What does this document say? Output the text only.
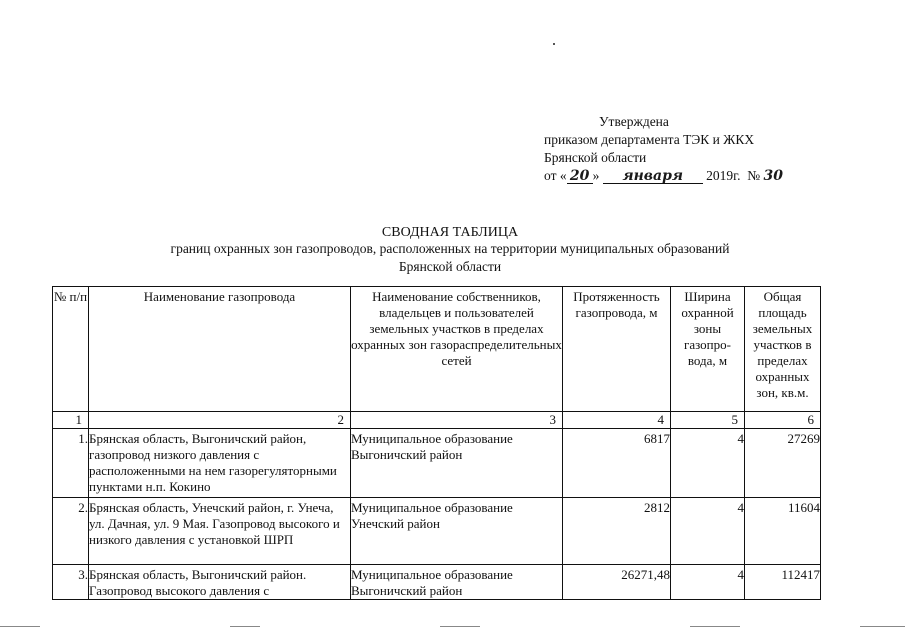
Утверждена
приказом департамента ТЭК и ЖКХ
Брянской области
от « 20 » января 2019г. № 30
СВОДНАЯ ТАБЛИЦА
границ охранных зон газопроводов, расположенных на территории муниципальных образований
Брянской области
№ п/п	Наименование газопровода	Наименование собственников, владельцев и пользователей земельных участков в пределах охранных зон газораспределительных сетей	Протяженность газопровода, м	Ширина охранной зоны газопро-вода, м	Общая площадь земельных участков в пределах охранных зон, кв.м.
1	2	3	4	5	6
1.	Брянская область, Выгоничский район, газопровод низкого давления с расположенными на нем газорегуляторными пунктами н.п. Кокино	Муниципальное образование Выгоничский район	6817	4	27269
2.	Брянская область, Унечский район, г. Унеча, ул. Дачная, ул. 9 Мая. Газопровод высокого и низкого давления с установкой ШРП	Муниципальное образование Унечский район	2812	4	11604
3.	Брянская область, Выгоничский район. Газопровод высокого давления с	Муниципальное образование Выгоничский район	26271,48	4	112417
